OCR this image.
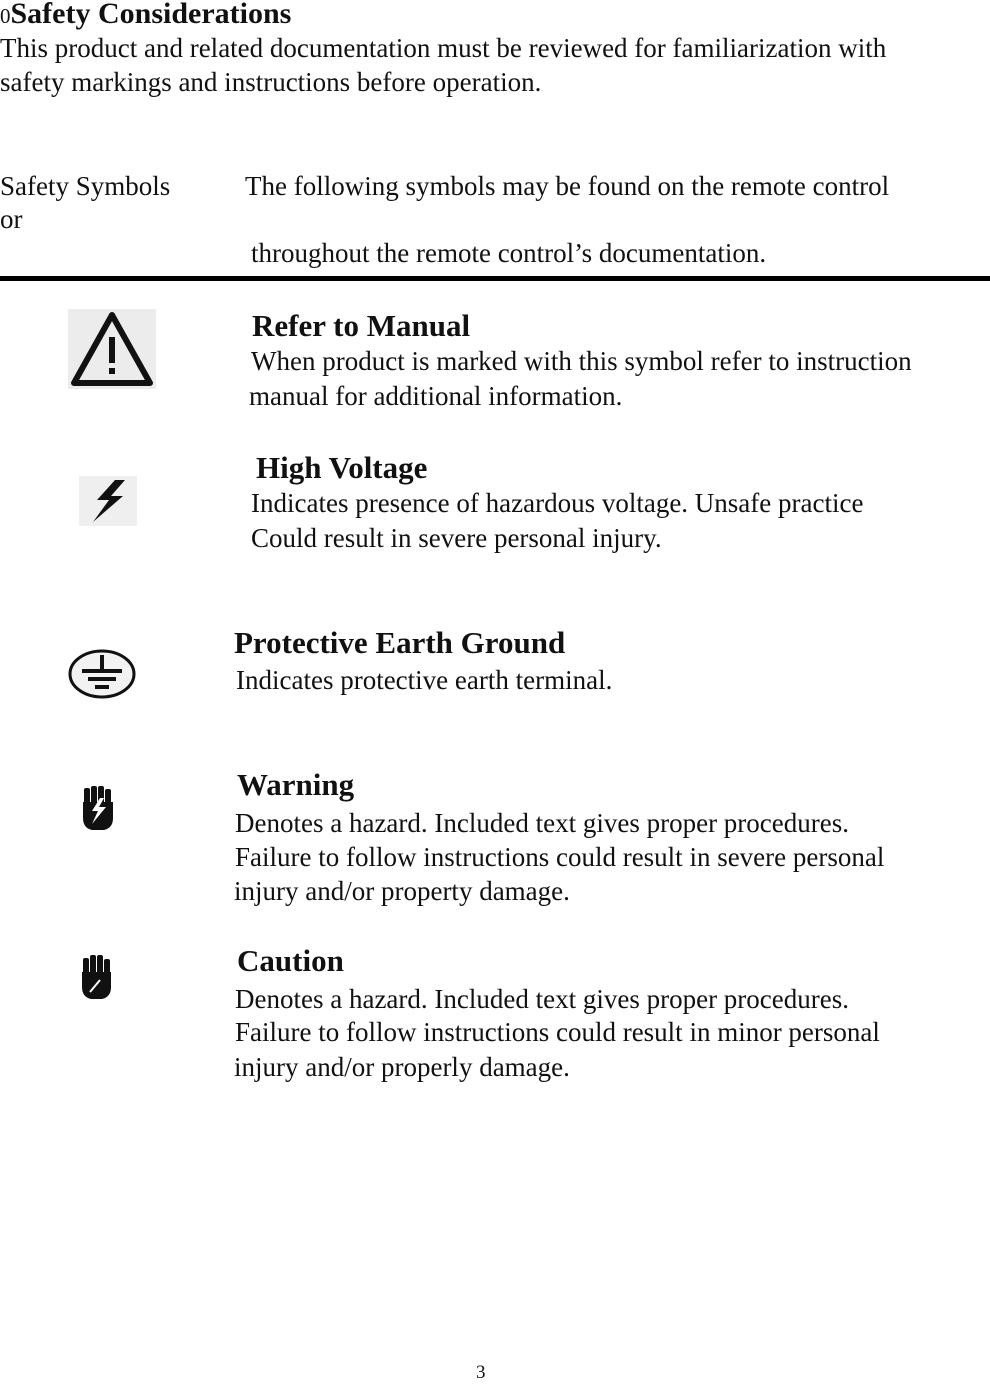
0Safety Considerations
This product and related documentation must be reviewed for familiarization with
safety markings and instructions before operation.
Safety Symbols	The following symbols may be found on the remote control
or
throughout the remote control’s documentation.
Refer to Manual
When product is marked with this symbol refer to instruction
manual for additional information.
High Voltage
Indicates presence of hazardous voltage. Unsafe practice
Could result in severe personal injury.
Protective Earth Ground
Indicates protective earth terminal.
Warning
Denotes a hazard. Included text gives proper procedures.
Failure to follow instructions could result in severe personal
injury and/or property damage.
Caution
Denotes a hazard. Included text gives proper procedures.
Failure to follow instructions could result in minor personal
injury and/or properly damage.
3
